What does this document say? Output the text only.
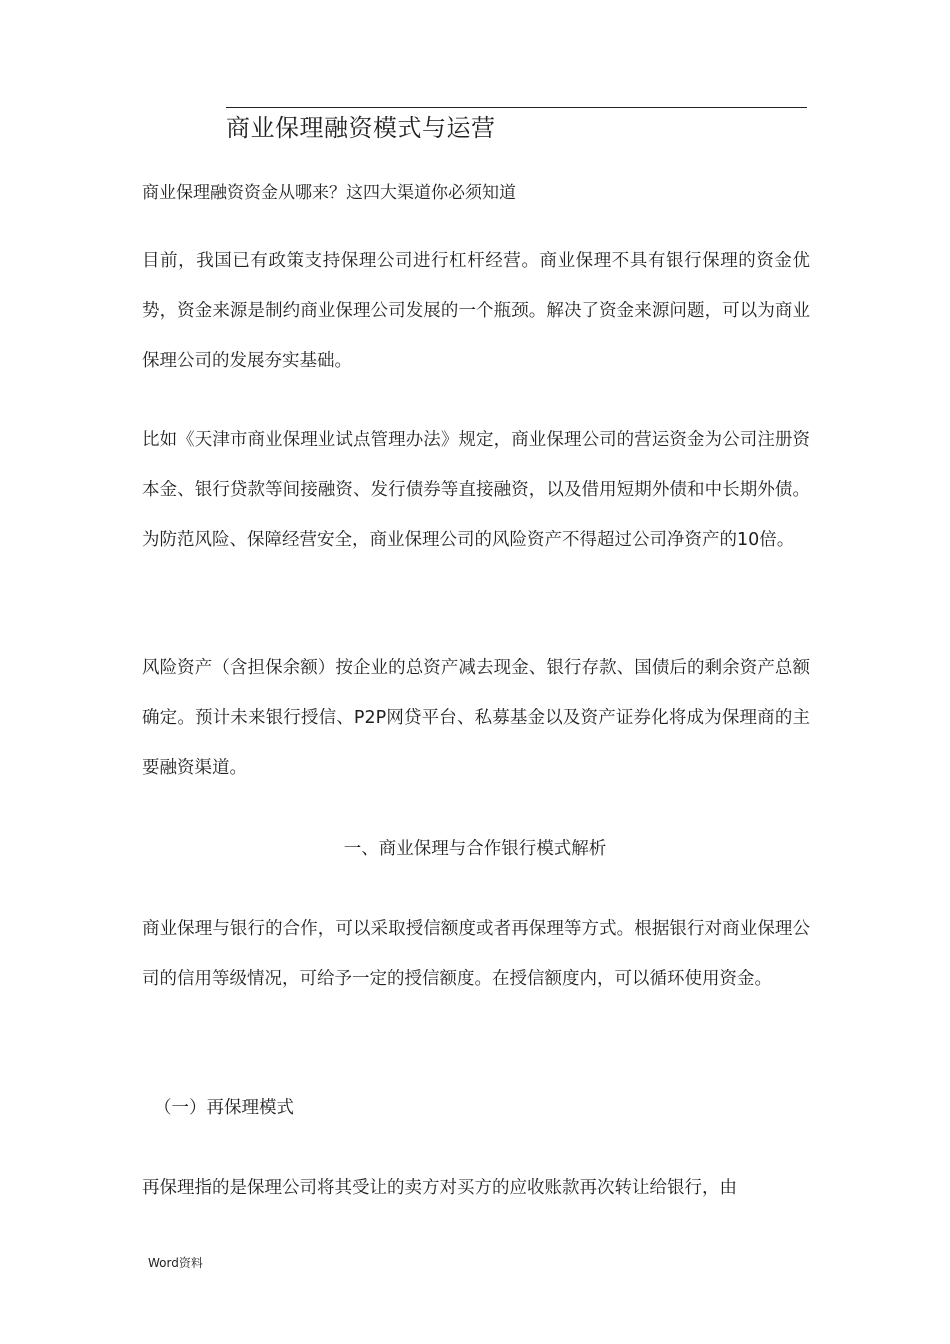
商业保理融资模式与运营

商业保理融资资金从哪来？这四大渠道你必须知道

目前，我国已有政策支持保理公司进行杠杆经营。商业保理不具有银行保理的资金优势，资金来源是制约商业保理公司发展的一个瓶颈。解决了资金来源问题，可以为商业保理公司的发展夯实基础。

比如《天津市商业保理业试点管理办法》规定，商业保理公司的营运资金为公司注册资本金、银行贷款等间接融资、发行债券等直接融资，以及借用短期外债和中长期外债。为防范风险、保障经营安全，商业保理公司的风险资产不得超过公司净资产的10倍。

风险资产（含担保余额）按企业的总资产减去现金、银行存款、国债后的剩余资产总额确定。预计未来银行授信、P2P网贷平台、私募基金以及资产证券化将成为保理商的主要融资渠道。

一、商业保理与合作银行模式解析

商业保理与银行的合作，可以采取授信额度或者再保理等方式。根据银行对商业保理公司的信用等级情况，可给予一定的授信额度。在授信额度内，可以循环使用资金。

（一）再保理模式

再保理指的是保理公司将其受让的卖方对买方的应收账款再次转让给银行，由

Word资料
